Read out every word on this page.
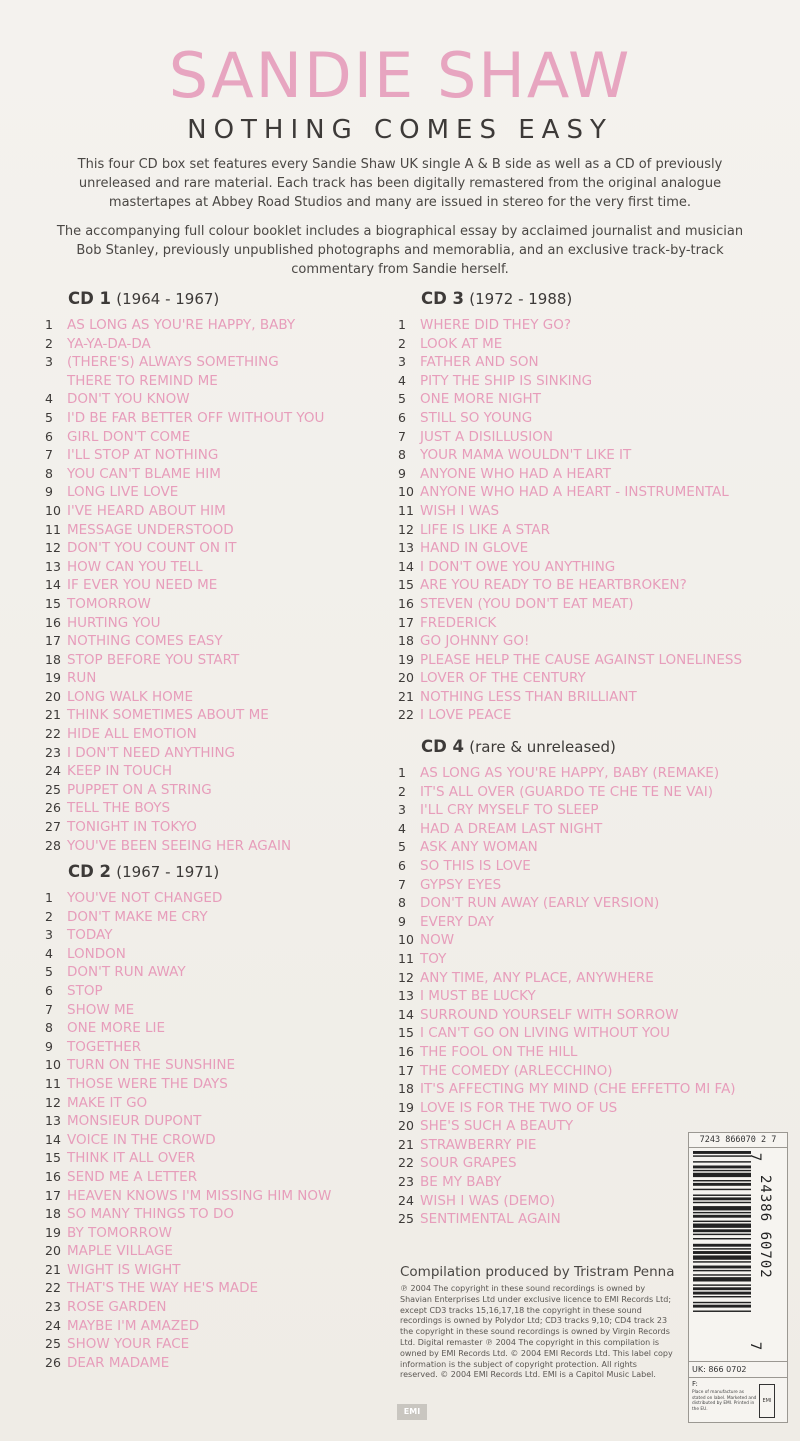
SANDIE SHAW
NOTHING COMES EASY

This four CD box set features every Sandie Shaw UK single A & B side as well as a CD of previously unreleased and rare material. Each track has been digitally remastered from the original analogue mastertapes at Abbey Road Studios and many are issued in stereo for the very first time.

The accompanying full colour booklet includes a biographical essay by acclaimed journalist and musician Bob Stanley, previously unpublished photographs and memorablia, and an exclusive track-by-track commentary from Sandie herself.

CD 1 (1964 - 1967)
1	AS LONG AS YOU'RE HAPPY, BABY
2	YA-YA-DA-DA
3	(THERE'S) ALWAYS SOMETHING THERE TO REMIND ME
4	DON'T YOU KNOW
5	I'D BE FAR BETTER OFF WITHOUT YOU
6	GIRL DON'T COME
7	I'LL STOP AT NOTHING
8	YOU CAN'T BLAME HIM
9	LONG LIVE LOVE
10 I'VE HEARD ABOUT HIM
11 MESSAGE UNDERSTOOD
12 DON'T YOU COUNT ON IT
13 HOW CAN YOU TELL
14 IF EVER YOU NEED ME
15 TOMORROW
16 HURTING YOU
17 NOTHING COMES EASY
18 STOP BEFORE YOU START
19 RUN
20 LONG WALK HOME
21 THINK SOMETIMES ABOUT ME
22 HIDE ALL EMOTION
23 I DON'T NEED ANYTHING
24 KEEP IN TOUCH
25 PUPPET ON A STRING
26 TELL THE BOYS
27 TONIGHT IN TOKYO
28 YOU'VE BEEN SEEING HER AGAIN
CD 2 (1967 - 1971)
1	YOU'VE NOT CHANGED
2	DON'T MAKE ME CRY
3	TODAY
4	LONDON
5	DON'T RUN AWAY
6	STOP
7	SHOW ME
8	ONE MORE LIE
9	TOGETHER
10 TURN ON THE SUNSHINE
11 THOSE WERE THE DAYS
12 MAKE IT GO
13 MONSIEUR DUPONT
14 VOICE IN THE CROWD
15 THINK IT ALL OVER
16 SEND ME A LETTER
17 HEAVEN KNOWS I'M MISSING HIM NOW
18 SO MANY THINGS TO DO
19 BY TOMORROW
20 MAPLE VILLAGE
21 WIGHT IS WIGHT
22 THAT'S THE WAY HE'S MADE
23 ROSE GARDEN
24 MAYBE I'M AMAZED
25 SHOW YOUR FACE
26 DEAR MADAME
CD 3 (1972 - 1988)
1	WHERE DID THEY GO?
2	LOOK AT ME
3	FATHER AND SON
4	PITY THE SHIP IS SINKING
5	ONE MORE NIGHT
6	STILL SO YOUNG
7	JUST A DISILLUSION
8	YOUR MAMA WOULDN'T LIKE IT
9	ANYONE WHO HAD A HEART
10 ANYONE WHO HAD A HEART - INSTRUMENTAL
11 WISH I WAS
12 LIFE IS LIKE A STAR
13 HAND IN GLOVE
14 I DON'T OWE YOU ANYTHING
15 ARE YOU READY TO BE HEARTBROKEN?
16 STEVEN (YOU DON'T EAT MEAT)
17 FREDERICK
18 GO JOHNNY GO!
19 PLEASE HELP THE CAUSE AGAINST LONELINESS
20 LOVER OF THE CENTURY
21 NOTHING LESS THAN BRILLIANT
22 I LOVE PEACE
CD 4 (rare & unreleased)
1	AS LONG AS YOU'RE HAPPY, BABY (REMAKE)
2	IT'S ALL OVER (GUARDO TE CHE TE NE VAI)
3	I'LL CRY MYSELF TO SLEEP
4	HAD A DREAM LAST NIGHT
5	ASK ANY WOMAN
6	SO THIS IS LOVE
7	GYPSY EYES
8	DON'T RUN AWAY (EARLY VERSION)
9	EVERY DAY
10 NOW
11 TOY
12 ANY TIME, ANY PLACE, ANYWHERE
13 I MUST BE LUCKY
14 SURROUND YOURSELF WITH SORROW
15 I CAN'T GO ON LIVING WITHOUT YOU
16 THE FOOL ON THE HILL
17 THE COMEDY (ARLECCHINO)
18 IT'S AFFECTING MY MIND (CHE EFFETTO MI FA)
19 LOVE IS FOR THE TWO OF US
20 SHE'S SUCH A BEAUTY
21 STRAWBERRY PIE
22 SOUR GRAPES
23 BE MY BABY
24 WISH I WAS (DEMO)
25 SENTIMENTAL AGAIN
Compilation produced by Tristram Penna
℗ 2004 The copyright in these sound recordings is owned by Shavian Enterprises Ltd under exclusive licence to EMI Records Ltd; except CD3 tracks 15,16,17,18 the copyright in these sound recordings is owned by Polydor Ltd; CD3 tracks 9,10; CD4 track 23 the copyright in these sound recordings is owned by Virgin Records Ltd. Digital remaster ℗ 2004 The copyright in this compilation is owned by EMI Records Ltd. © 2004 EMI Records Ltd. This label copy information is the subject of copyright protection. All rights reserved. © 2004 EMI Records Ltd. EMI is a Capitol Music Label.
EMI
7243 866070 2 7
7
24386 60702
7
UK: 866 0702
F:
Place of manufacture as stated on label. Marketed and distributed by EMI. Printed in the EU.
EMI
